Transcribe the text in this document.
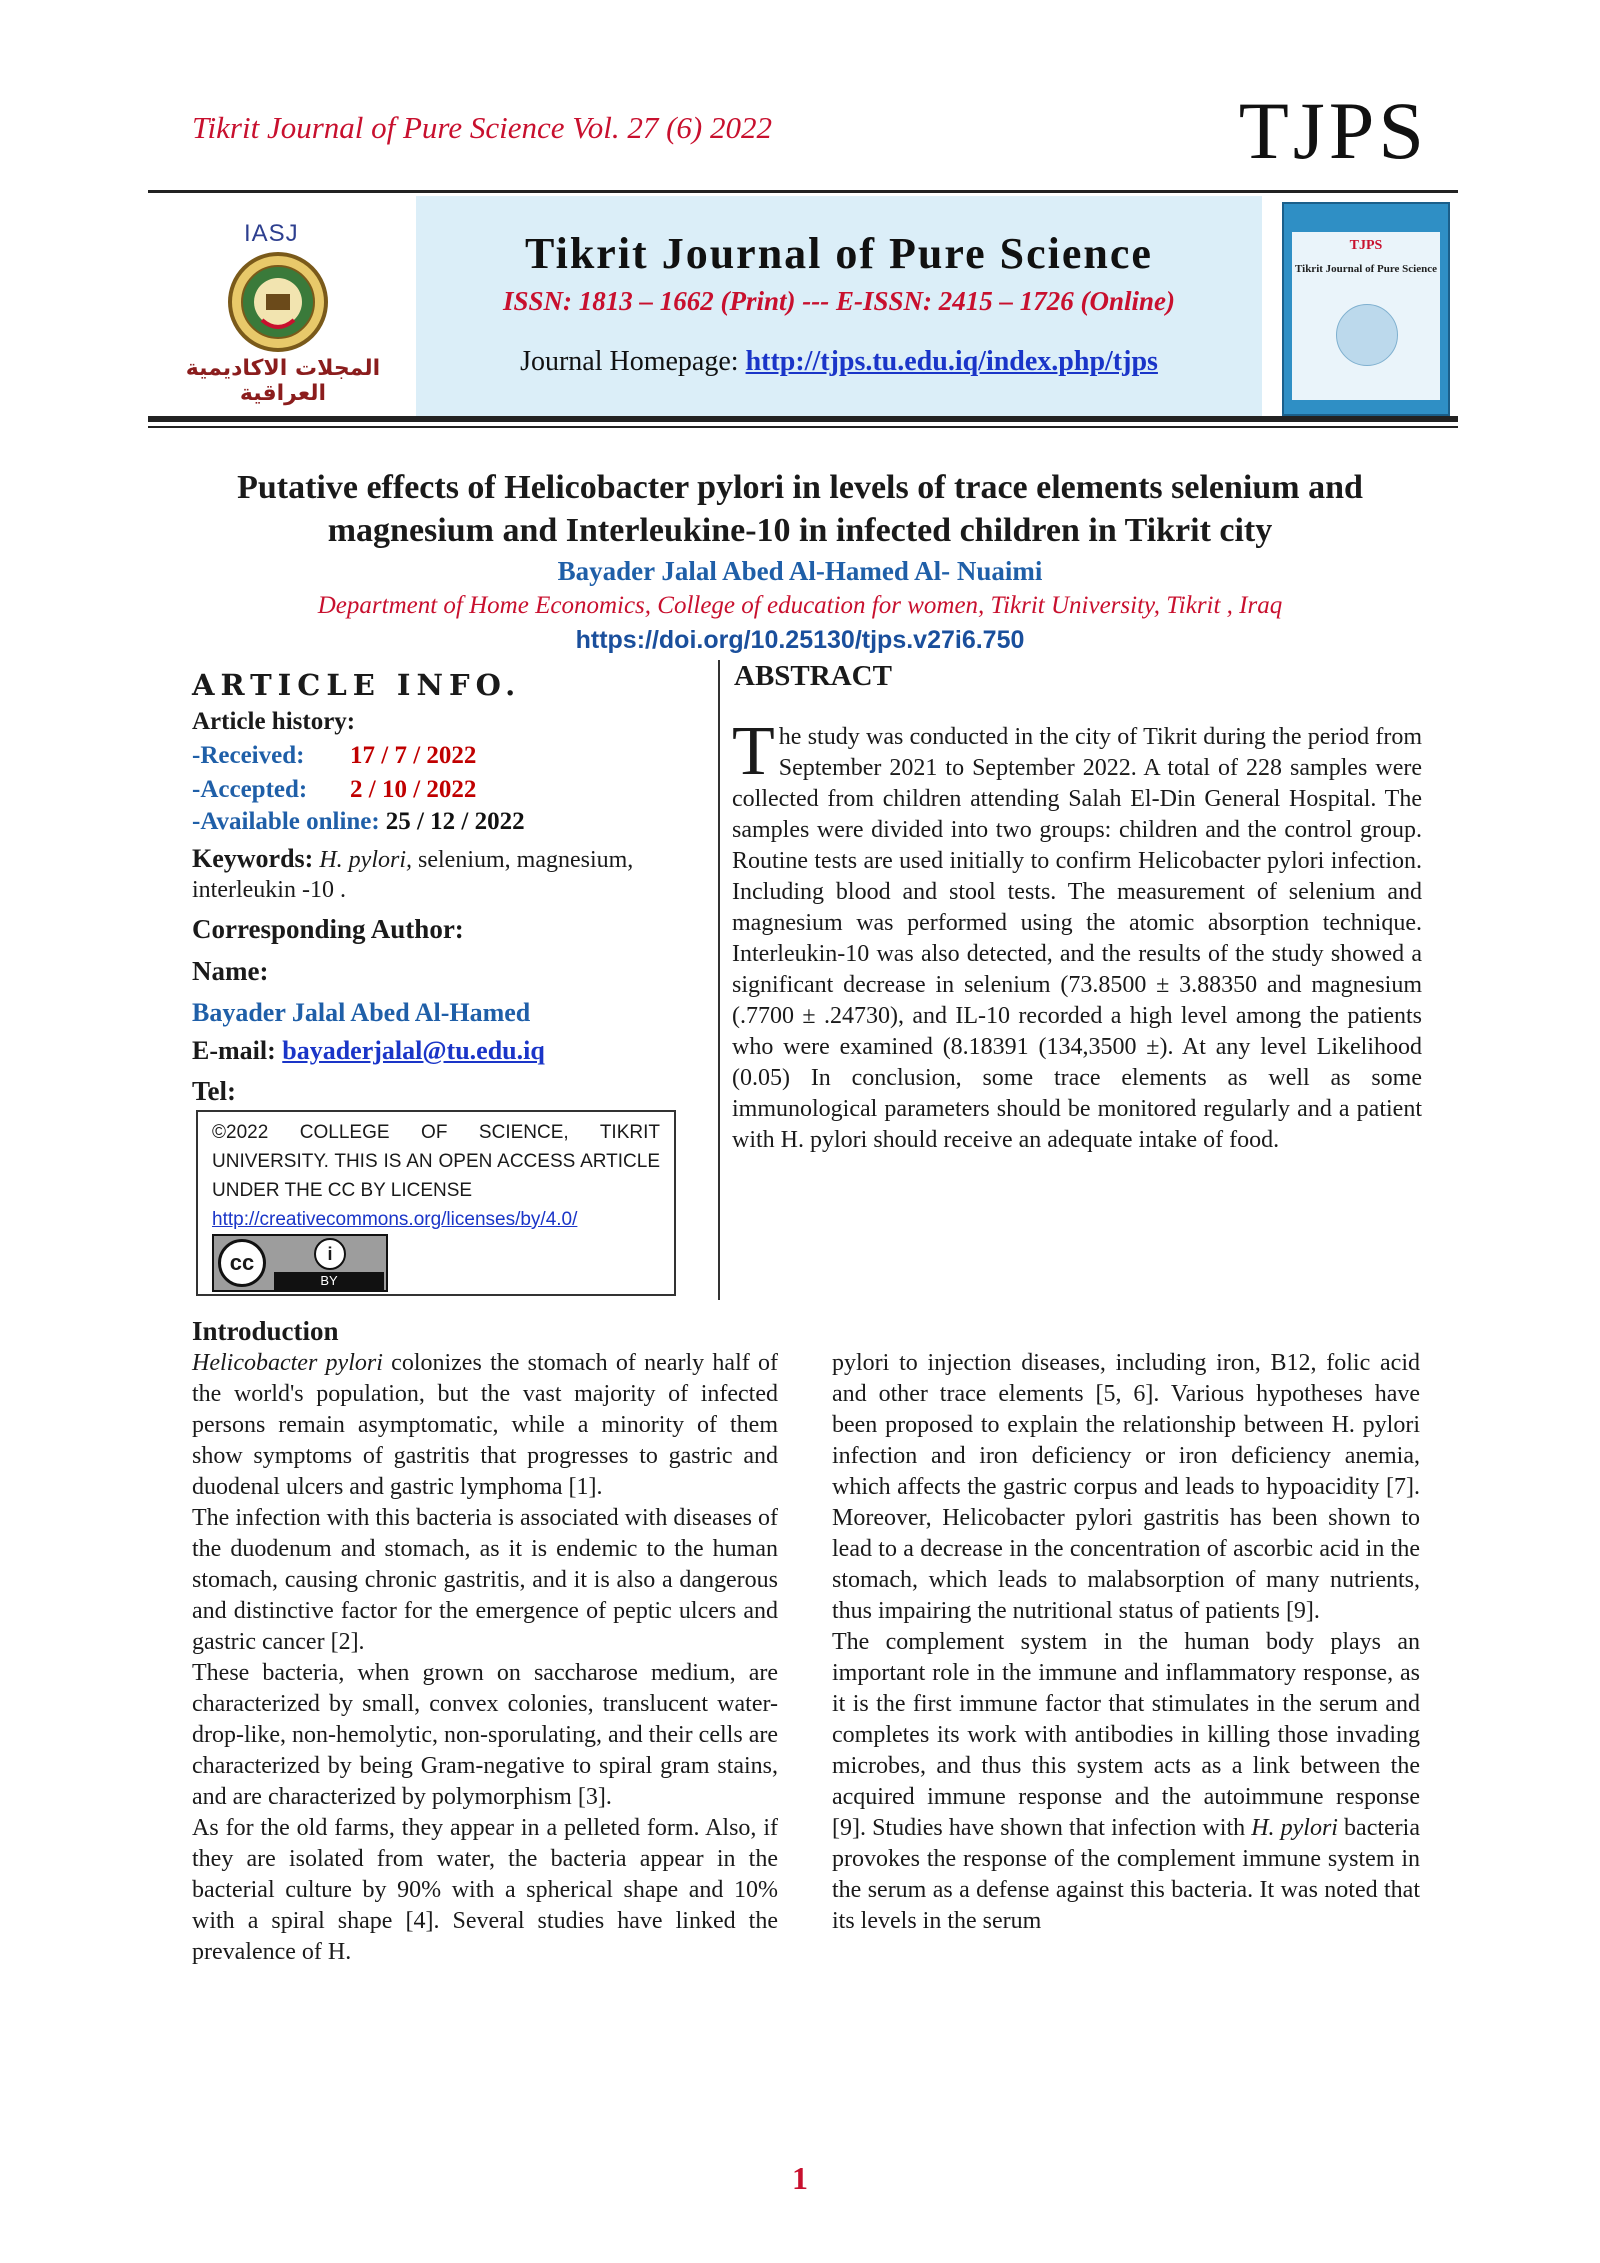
Tikrit Journal of Pure Science Vol. 27 (6) 2022	TJPS
IASJ
المجلات الاكاديمية العراقية
Tikrit Journal of Pure Science
ISSN: 1813 – 1662 (Print) --- E-ISSN: 2415 – 1726 (Online)
Journal Homepage: http://tjps.tu.edu.iq/index.php/tjps
TJPS
Tikrit Journal of Pure Science
Putative effects of Helicobacter pylori in levels of trace elements selenium and magnesium and Interleukine-10 in infected children in Tikrit city
Bayader Jalal Abed Al-Hamed Al- Nuaimi
Department of Home Economics, College of education for women, Tikrit University, Tikrit , Iraq
https://doi.org/10.25130/tjps.v27i6.750
ARTICLE INFO.
Article history:
-Received: 17 / 7 / 2022
-Accepted: 2 / 10 / 2022
-Available online: 25 / 12 / 2022
Keywords: H. pylori, selenium, magnesium, interleukin -10 .
Corresponding Author:
Name:
Bayader Jalal Abed Al-Hamed
E-mail: bayaderjalal@tu.edu.iq
Tel:
©2022 COLLEGE OF SCIENCE, TIKRIT UNIVERSITY. THIS IS AN OPEN ACCESS ARTICLE UNDER THE CC BY LICENSE
http://creativecommons.org/licenses/by/4.0/
cc	i
BY
ABSTRACT
The study was conducted in the city of Tikrit during the period from September 2021 to September 2022. A total of 228 samples were collected from children attending Salah El-Din General Hospital. The samples were divided into two groups: children and the control group. Routine tests are used initially to confirm Helicobacter pylori infection. Including blood and stool tests. The measurement of selenium and magnesium was performed using the atomic absorption technique. Interleukin-10 was also detected, and the results of the study showed a significant decrease in selenium (73.8500 ± 3.88350 and magnesium (.7700 ± .24730), and IL-10 recorded a high level among the patients who were examined (8.18391 (134,3500 ±). At any level Likelihood (0.05) In conclusion, some trace elements as well as some immunological parameters should be monitored regularly and a patient with H. pylori should receive an adequate intake of food.
Introduction

Helicobacter pylori colonizes the stomach of nearly half of the world's population, but the vast majority of infected persons remain asymptomatic, while a minority of them show symptoms of gastritis that progresses to gastric and duodenal ulcers and gastric lymphoma [1].

The infection with this bacteria is associated with diseases of the duodenum and stomach, as it is endemic to the human stomach, causing chronic gastritis, and it is also a dangerous and distinctive factor for the emergence of peptic ulcers and gastric cancer [2].

These bacteria, when grown on saccharose medium, are characterized by small, convex colonies, translucent water-drop-like, non-hemolytic, non-sporulating, and their cells are characterized by being Gram-negative to spiral gram stains, and are characterized by polymorphism [3].

As for the old farms, they appear in a pelleted form. Also, if they are isolated from water, the bacteria appear in the bacterial culture by 90% with a spherical shape and 10% with a spiral shape [4]. Several studies have linked the prevalence of H.

pylori to injection diseases, including iron, B12, folic acid and other trace elements [5, 6]. Various hypotheses have been proposed to explain the relationship between H. pylori infection and iron deficiency or iron deficiency anemia, which affects the gastric corpus and leads to hypoacidity [7]. Moreover, Helicobacter pylori gastritis has been shown to lead to a decrease in the concentration of ascorbic acid in the stomach, which leads to malabsorption of many nutrients, thus impairing the nutritional status of patients [9].

The complement system in the human body plays an important role in the immune and inflammatory response, as it is the first immune factor that stimulates in the serum and completes its work with antibodies in killing those invading microbes, and thus this system acts as a link between the acquired immune response and the autoimmune response [9]. Studies have shown that infection with H. pylori bacteria provokes the response of the complement immune system in the serum as a defense against this bacteria. It was noted that its levels in the serum

1
